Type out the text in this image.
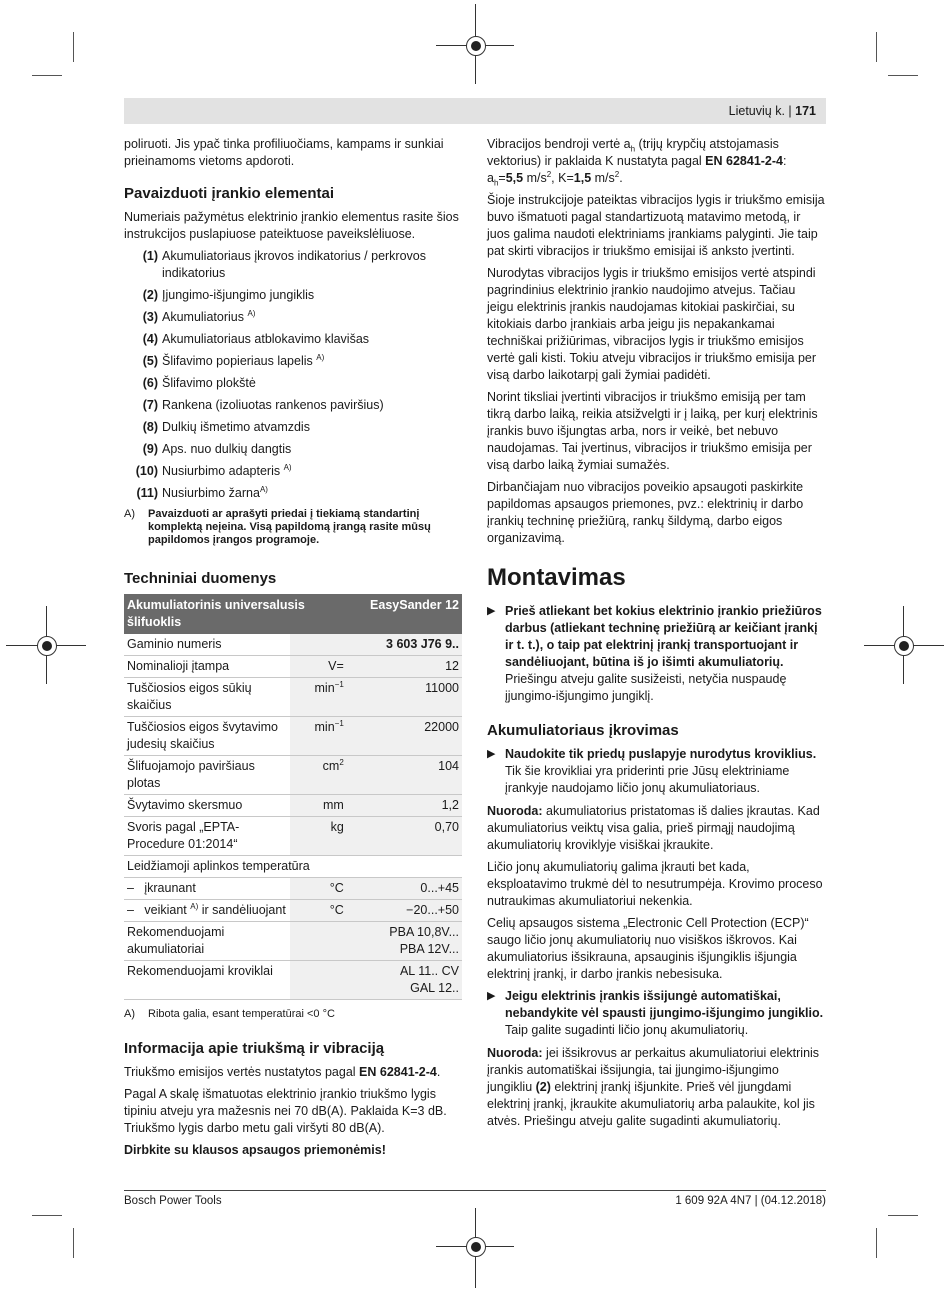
Lietuvių k. | 171

poliruoti. Jis ypač tinka profiliuočiams, kampams ir sunkiai prieinamoms vietoms apdoroti.

Pavaizduoti įrankio elementai

Numeriais pažymėtus elektrinio įrankio elementus rasite šios instrukcijos puslapiuose pateiktuose paveikslėliuose.

(1) Akumuliatoriaus įkrovos indikatorius / perkrovos indikatorius
(2) Įjungimo-išjungimo jungiklis
(3) Akumuliatorius $^{A)}$
(4) Akumuliatoriaus atblokavimo klavišas
(5) Šlifavimo popieriaus lapelis $^{A)}$
(6) Šlifavimo plokštė
(7) Rankena (izoliuotas rankenos paviršius)
(8) Dulkių išmetimo atvamzdis
(9) Aps. nuo dulkių dangtis
(10) Nusiurbimo adapteris $^{A)}$
(11) Nusiurbimo žarna$^{A)}$
A)	Pavaizduoti ar aprašyti priedai į tiekiamą standartinį komplektą neįeina. Visą papildomą įrangą rasite mūsų papildomos įrangos programoje.
Techniniai duomenys
Akumuliatorinis universalusis šlifuoklis		EasySander 12
Gaminio numeris		3 603 J76 9..
Nominalioji įtampa	V=	12
Tuščiosios eigos sūkių skaičius	$\min^{-1}$	11000
Tuščiosios eigos švytavimo judesių skaičius	$\min^{-1}$	22000
Šlifuojamojo paviršiaus plotas	$cm^2$	104
Švytavimo skersmuo	mm	1,2
Svoris pagal „EPTA-Procedure 01:2014“	kg	0,70
Leidžiamoji aplinkos temperatūra		
–   įkraunant	°C	0...+45
–   veikiant $^{A)}$ ir sandėliuojant	°C	−20...+50
Rekomenduojami akumuliatoriai		PBA 10,8V...
PBA 12V...

Rekomenduojami kroviklai		AL 11.. CV
GAL 12..
A)	Ribota galia, esant temperatūrai <0 °C
Informacija apie triukšmą ir vibraciją

Triukšmo emisijos vertės nustatytos pagal EN 62841-2-4.

Pagal A skalę išmatuotas elektrinio įrankio triukšmo lygis tipiniu atveju yra mažesnis nei 70 dB(A). Paklaida K=3 dB. Triukšmo lygis darbo metu gali viršyti 80 dB(A).

Dirbkite su klausos apsaugos priemonėmis!

Vibracijos bendroji vertė $a_h$ (trijų krypčių atstojamasis vektorius) ir paklaida K nustatyta pagal EN 62841-2-4:

$a_h=5,5$ $m/s^2$, K=1,5 $m/s^2$.

Šioje instrukcijoje pateiktas vibracijos lygis ir triukšmo emisija buvo išmatuoti pagal standartizuotą matavimo metodą, ir juos galima naudoti elektriniams įrankiams palyginti. Jie taip pat skirti vibracijos ir triukšmo emisijai iš anksto įvertinti.

Nurodytas vibracijos lygis ir triukšmo emisijos vertė atspindi pagrindinius elektrinio įrankio naudojimo atvejus. Tačiau jeigu elektrinis įrankis naudojamas kitokiai paskirčiai, su kitokiais darbo įrankiais arba jeigu jis nepakankamai techniškai prižiūrimas, vibracijos lygis ir triukšmo emisijos vertė gali kisti. Tokiu atveju vibracijos ir triukšmo emisija per visą darbo laikotarpį gali žymiai padidėti.

Norint tiksliai įvertinti vibracijos ir triukšmo emisiją per tam tikrą darbo laiką, reikia atsižvelgti ir į laiką, per kurį elektrinis įrankis buvo išjungtas arba, nors ir veikė, bet nebuvo naudojamas. Tai įvertinus, vibracijos ir triukšmo emisija per visą darbo laiką žymiai sumažės.

Dirbančiajam nuo vibracijos poveikio apsaugoti paskirkite papildomas apsaugos priemones, pvz.: elektrinių ir darbo įrankių techninę priežiūrą, rankų šildymą, darbo eigos organizavimą.

Montavimas
▶ Prieš atliekant bet kokius elektrinio įrankio priežiūros darbus (atliekant techninę priežiūrą ar keičiant įrankį ir t. t.), o taip pat elektrinį įrankį transportuojant ir sandėliuojant, būtina iš jo išimti akumuliatorių. Priešingu atveju galite susižeisti, netyčia nuspaudę įjungimo-išjungimo jungiklį.
Akumuliatoriaus įkrovimas
▶ Naudokite tik priedų puslapyje nurodytus kroviklius. Tik šie krovikliai yra priderinti prie Jūsų elektriniame įrankyje naudojamo ličio jonų akumuliatoriaus.

Nuoroda: akumuliatorius pristatomas iš dalies įkrautas. Kad akumuliatorius veiktų visa galia, prieš pirmąjį naudojimą akumuliatorių kroviklyje visiškai įkraukite.

Ličio jonų akumuliatorių galima įkrauti bet kada, eksploatavimo trukmė dėl to nesutrumpėja. Krovimo proceso nutraukimas akumuliatoriui nekenkia.

Celių apsaugos sistema „Electronic Cell Protection (ECP)“ saugo ličio jonų akumuliatorių nuo visiškos iškrovos. Kai akumuliatorius išsikrauna, apsauginis išjungiklis išjungia elektrinį įrankį, ir darbo įrankis nebesisuka.

▶ Jeigu elektrinis įrankis išsijungė automatiškai, nebandykite vėl spausti įjungimo-išjungimo jungiklio. Taip galite sugadinti ličio jonų akumuliatorių.

Nuoroda: jei išsikrovus ar perkaitus akumuliatoriui elektrinis įrankis automatiškai išsijungia, tai įjungimo-išjungimo jungikliu (2) elektrinį įrankį išjunkite. Prieš vėl įjungdami elektrinį įrankį, įkraukite akumuliatorių arba palaukite, kol jis atvės. Priešingu atveju galite sugadinti akumuliatorių.

Bosch Power Tools	1 609 92A 4N7 | (04.12.2018)
